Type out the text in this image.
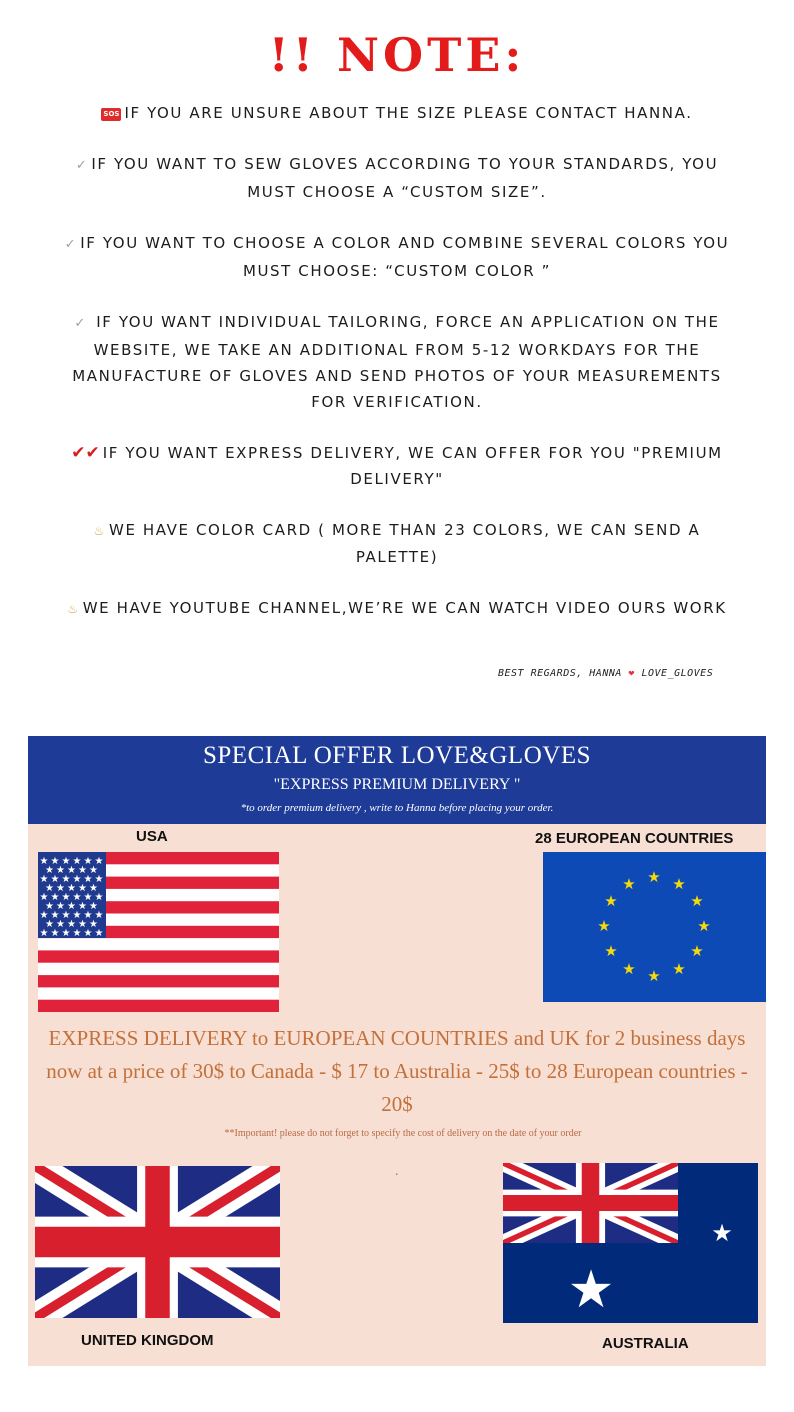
!! NOTE:

SOS IF YOU ARE UNSURE ABOUT THE SIZE PLEASE CONTACT HANNA.

✓ IF YOU WANT TO SEW GLOVES ACCORDING TO YOUR STANDARDS, YOU MUST CHOOSE A “CUSTOM SIZE”.

✓ IF YOU WANT TO CHOOSE A COLOR AND COMBINE SEVERAL COLORS YOU MUST CHOOSE: “CUSTOM COLOR ”

✓ IF YOU WANT INDIVIDUAL TAILORING, FORCE AN APPLICATION ON THE WEBSITE, WE TAKE AN ADDITIONAL FROM 5-12 WORKDAYS FOR THE MANUFACTURE OF GLOVES AND SEND PHOTOS OF YOUR MEASUREMENTS FOR VERIFICATION.

✔✔ IF YOU WANT EXPRESS DELIVERY, WE CAN OFFER FOR YOU "PREMIUM DELIVERY"

♨ WE HAVE COLOR CARD ( MORE THAN 23 COLORS, WE CAN SEND A PALETTE)

♨ WE HAVE YOUTUBE CHANNEL,WE’RE WE CAN WATCH VIDEO OURS WORK

BEST REGARDS, HANNA ❤ LOVE_GLOVES
SPECIAL OFFER LOVE&GLOVES
"EXPRESS PREMIUM DELIVERY "
*to order premium delivery , write to Hanna before placing your order.
USA	28 EUROPEAN COUNTRIES
★ ★ ★ ★ ★ ★
★ ★ ★ ★ ★
★ ★ ★ ★ ★ ★
★ ★ ★ ★ ★
★ ★ ★ ★ ★ ★
★ ★ ★ ★ ★
★ ★ ★ ★ ★ ★
★ ★ ★ ★ ★
★ ★ ★ ★ ★ ★
★ ★
★
★
★
★
★
★
★
★
★
★
EXPRESS DELIVERY to EUROPEAN COUNTRIES and UK for 2 business days now at a price of 30$ to Canada - $ 17 to Australia - 25$ to 28 European countries - 20$
**Important! please do not forget to specify the cost of delivery on the date of your order
.
★
★
UNITED KINGDOM	AUSTRALIA
